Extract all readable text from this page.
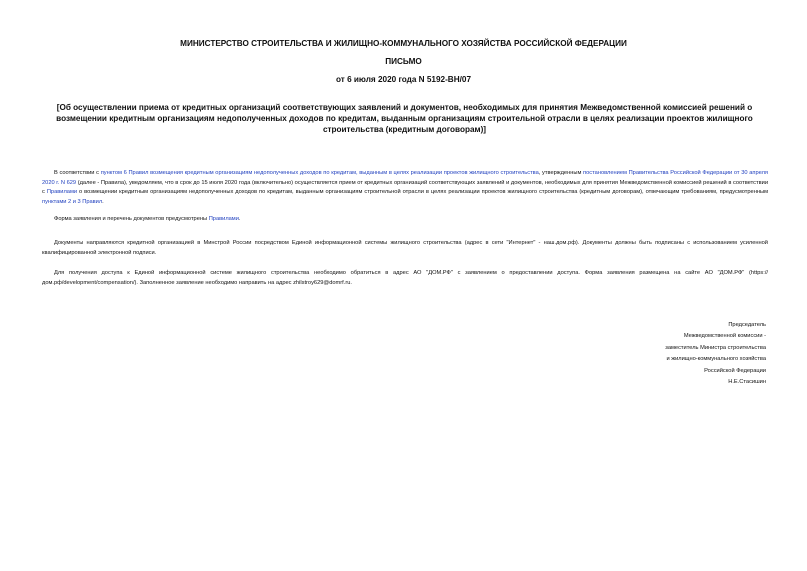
МИНИСТЕРСТВО СТРОИТЕЛЬСТВА И ЖИЛИЩНО-КОММУНАЛЬНОГО ХОЗЯЙСТВА РОССИЙСКОЙ ФЕДЕРАЦИИ
ПИСЬМО
от 6 июля 2020 года N 5192-ВН/07
[Об осуществлении приема от кредитных организаций соответствующих заявлений и документов, необходимых для принятия Межведомственной комиссией решений о возмещении кредитным организациям недополученных доходов по кредитам, выданным организациям строительной отрасли в целях реализации проектов жилищного строительства (кредитным договорам)]
В соответствии с пунктом 6 Правил возмещения кредитным организациям недополученных доходов по кредитам, выданным в целях реализации проектов жилищного строительства, утвержденным постановлением Правительства Российской Федерации от 30 апреля 2020 г. N 629 (далее - Правила), уведомляем, что в срок до 15 июля 2020 года (включительно) осуществляется прием от кредитных организаций соответствующих заявлений и документов, необходимых для принятия Межведомственной комиссией решений в соответствии с Правилами о возмещении кредитным организациям недополученных доходов по кредитам, выданным организациям строительной отрасли в целях реализации проектов жилищного строительства (кредитным договорам), отвечающим требованиям, предусмотренным пунктами 2 и 3 Правил.
Форма заявления и перечень документов предусмотрены Правилами.
Документы направляются кредитной организацией в Минстрой России посредством Единой информационной системы жилищного строительства (адрес в сети "Интернет" - наш.дом.рф). Документы должны быть подписаны с использованием усиленной квалифицированной электронной подписи.
Для получения доступа к Единой информационной системе жилищного строительства необходимо обратиться в адрес АО "ДОМ.РФ" с заявлением о предоставлении доступа. Форма заявления размещена на сайте АО "ДОМ.РФ" (https://дом.рф/development/compensation/). Заполненное заявление необходимо направить на адрес zhilstroy629@domrf.ru.
Председатель
Межведомственной комиссии -
заместитель Министра строительства
и жилищно-коммунального хозяйства
Российской Федерации
Н.Е.Стасишин
